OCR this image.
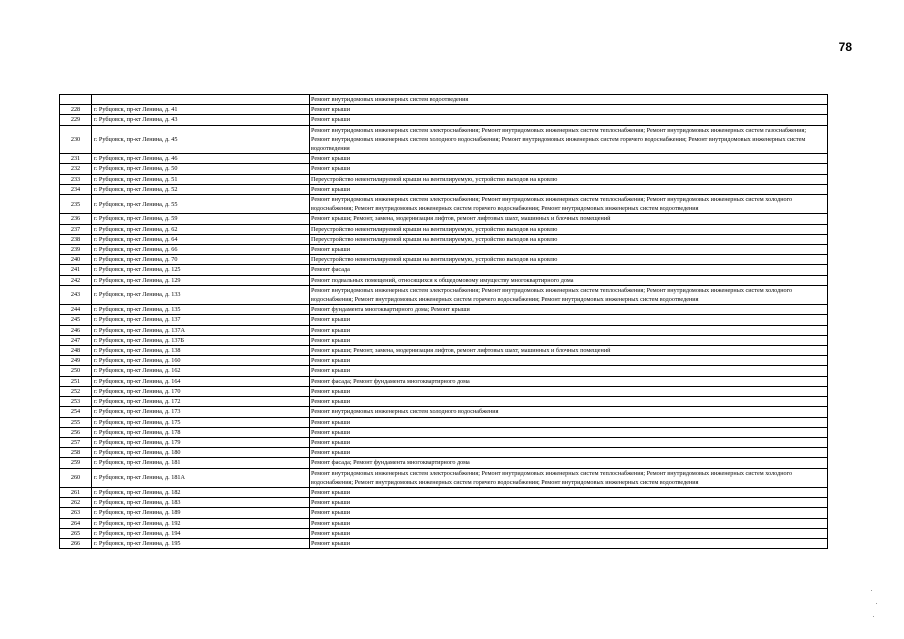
78
		Ремонт внутридомовых инженерных систем водоотведения
228	г. Рубцовск, пр-кт Ленина, д. 41	Ремонт крыши
229	г. Рубцовск, пр-кт Ленина, д. 43	Ремонт крыши
230	г. Рубцовск, пр-кт Ленина, д. 45	Ремонт внутридомовых инженерных систем электроснабжения; Ремонт внутридомовых инженерных систем теплоснабжения; Ремонт внутридомовых инженерных систем газоснабжения; Ремонт внутридомовых инженерных систем холодного водоснабжения; Ремонт внутридомовых инженерных систем горячего водоснабжения; Ремонт внутридомовых инженерных систем водоотведения
231	г. Рубцовск, пр-кт Ленина, д. 46	Ремонт крыши
232	г. Рубцовск, пр-кт Ленина, д. 50	Ремонт крыши
233	г. Рубцовск, пр-кт Ленина, д. 51	Переустройство невентилируемой крыши на вентилируемую, устройство выходов на кровлю
234	г. Рубцовск, пр-кт Ленина, д. 52	Ремонт крыши
235	г. Рубцовск, пр-кт Ленина, д. 55	Ремонт внутридомовых инженерных систем электроснабжения; Ремонт внутридомовых инженерных систем теплоснабжения; Ремонт внутридомовых инженерных систем холодного водоснабжения; Ремонт внутридомовых инженерных систем горячего водоснабжения; Ремонт внутридомовых инженерных систем водоотведения
236	г. Рубцовск, пр-кт Ленина, д. 59	Ремонт крыши; Ремонт, замена, модернизация лифтов, ремонт лифтовых шахт, машинных и блочных помещений
237	г. Рубцовск, пр-кт Ленина, д. 62	Переустройство невентилируемой крыши на вентилируемую, устройство выходов на кровлю
238	г. Рубцовск, пр-кт Ленина, д. 64	Переустройство невентилируемой крыши на вентилируемую, устройство выходов на кровлю
239	г. Рубцовск, пр-кт Ленина, д. 66	Ремонт крыши
240	г. Рубцовск, пр-кт Ленина, д. 70	Переустройство невентилируемой крыши на вентилируемую, устройство выходов на кровлю
241	г. Рубцовск, пр-кт Ленина, д. 125	Ремонт фасада
242	г. Рубцовск, пр-кт Ленина, д. 129	Ремонт подвальных помещений, относящихся к общедомовому имуществу многоквартирного дома
243	г. Рубцовск, пр-кт Ленина, д. 133	Ремонт внутридомовых инженерных систем электроснабжения; Ремонт внутридомовых инженерных систем теплоснабжения; Ремонт внутридомовых инженерных систем холодного водоснабжения; Ремонт внутридомовых инженерных систем горячего водоснабжения; Ремонт внутридомовых инженерных систем водоотведения
244	г. Рубцовск, пр-кт Ленина, д. 135	Ремонт фундамента многоквартирного дома; Ремонт крыши
245	г. Рубцовск, пр-кт Ленина, д. 137	Ремонт крыши
246	г. Рубцовск, пр-кт Ленина, д. 137А	Ремонт крыши
247	г. Рубцовск, пр-кт Ленина, д. 137Б	Ремонт крыши
248	г. Рубцовск, пр-кт Ленина, д. 138	Ремонт крыши; Ремонт, замена, модернизация лифтов, ремонт лифтовых шахт, машинных и блочных помещений
249	г. Рубцовск, пр-кт Ленина, д. 160	Ремонт крыши
250	г. Рубцовск, пр-кт Ленина, д. 162	Ремонт крыши
251	г. Рубцовск, пр-кт Ленина, д. 164	Ремонт фасада; Ремонт фундамента многоквартирного дома
252	г. Рубцовск, пр-кт Ленина, д. 170	Ремонт крыши
253	г. Рубцовск, пр-кт Ленина, д. 172	Ремонт крыши
254	г. Рубцовск, пр-кт Ленина, д. 173	Ремонт внутридомовых инженерных систем холодного водоснабжения
255	г. Рубцовск, пр-кт Ленина, д. 175	Ремонт крыши
256	г. Рубцовск, пр-кт Ленина, д. 178	Ремонт крыши
257	г. Рубцовск, пр-кт Ленина, д. 179	Ремонт крыши
258	г. Рубцовск, пр-кт Ленина, д. 180	Ремонт крыши
259	г. Рубцовск, пр-кт Ленина, д. 181	Ремонт фасада; Ремонт фундамента многоквартирного дома
260	г. Рубцовск, пр-кт Ленина, д. 181А	Ремонт внутридомовых инженерных систем электроснабжения; Ремонт внутридомовых инженерных систем теплоснабжения; Ремонт внутридомовых инженерных систем холодного водоснабжения; Ремонт внутридомовых инженерных систем горячего водоснабжения; Ремонт внутридомовых инженерных систем водоотведения
261	г. Рубцовск, пр-кт Ленина, д. 182	Ремонт крыши
262	г. Рубцовск, пр-кт Ленина, д. 183	Ремонт крыши
263	г. Рубцовск, пр-кт Ленина, д. 189	Ремонт крыши
264	г. Рубцовск, пр-кт Ленина, д. 192	Ремонт крыши
265	г. Рубцовск, пр-кт Ленина, д. 194	Ремонт крыши
266	г. Рубцовск, пр-кт Ленина, д. 195	Ремонт крыши
